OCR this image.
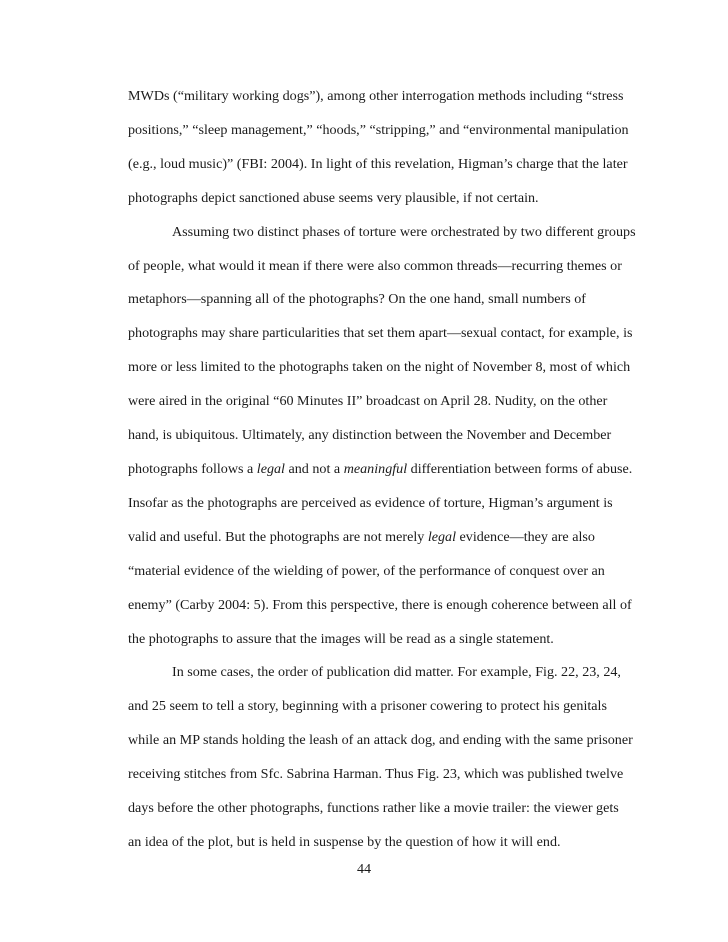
MWDs (“military working dogs”), among other interrogation methods including “stress
positions,” “sleep management,” “hoods,” “stripping,” and “environmental manipulation
(e.g., loud music)” (FBI: 2004). In light of this revelation, Higman’s charge that the later
photographs depict sanctioned abuse seems very plausible, if not certain.
Assuming two distinct phases of torture were orchestrated by two different groups
of people, what would it mean if there were also common threads—recurring themes or
metaphors—spanning all of the photographs? On the one hand, small numbers of
photographs may share particularities that set them apart—sexual contact, for example, is
more or less limited to the photographs taken on the night of November 8, most of which
were aired in the original “60 Minutes II” broadcast on April 28. Nudity, on the other
hand, is ubiquitous. Ultimately, any distinction between the November and December
photographs follows a legal and not a meaningful differentiation between forms of abuse.
Insofar as the photographs are perceived as evidence of torture, Higman’s argument is
valid and useful. But the photographs are not merely legal evidence—they are also
“material evidence of the wielding of power, of the performance of conquest over an
enemy” (Carby 2004: 5). From this perspective, there is enough coherence between all of
the photographs to assure that the images will be read as a single statement.
In some cases, the order of publication did matter. For example, Fig. 22, 23, 24,
and 25 seem to tell a story, beginning with a prisoner cowering to protect his genitals
while an MP stands holding the leash of an attack dog, and ending with the same prisoner
receiving stitches from Sfc. Sabrina Harman. Thus Fig. 23, which was published twelve
days before the other photographs, functions rather like a movie trailer: the viewer gets
an idea of the plot, but is held in suspense by the question of how it will end.
44
